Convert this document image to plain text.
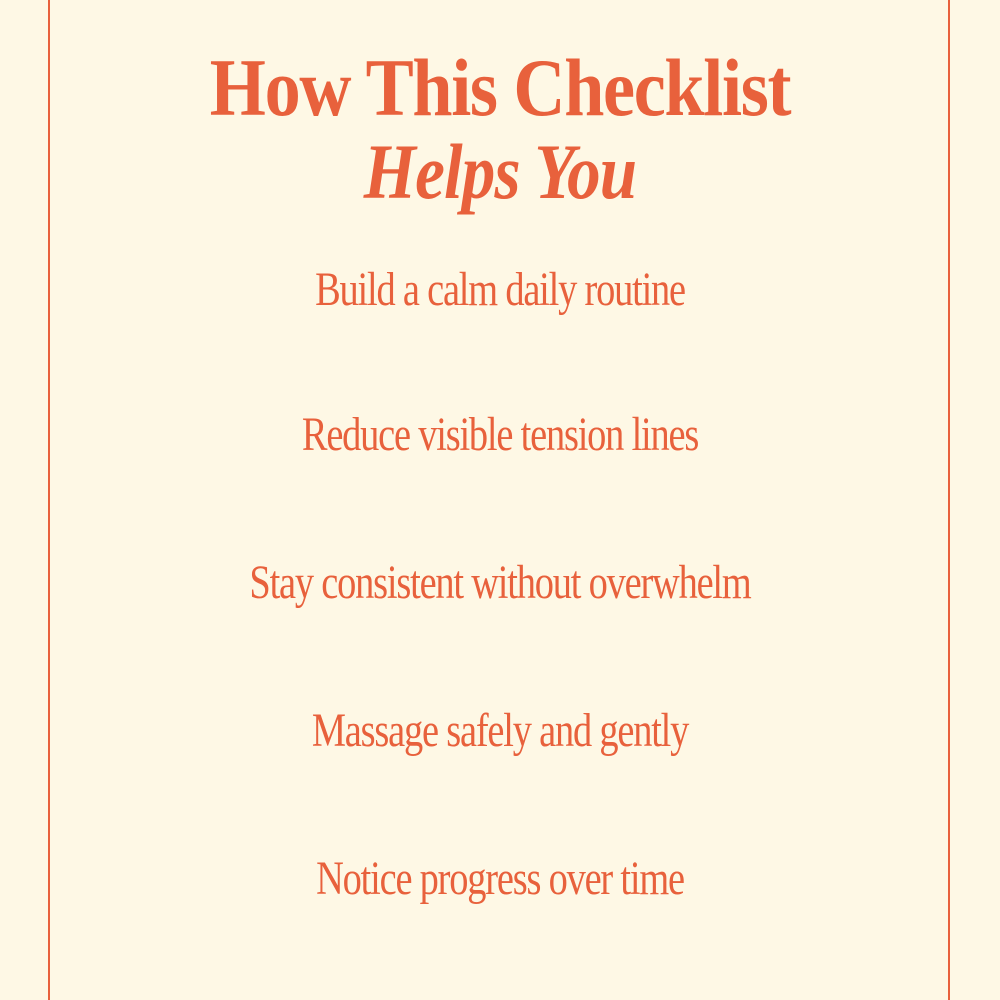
How This Checklist
Helps You
Build a calm daily routine
Reduce visible tension lines
Stay consistent without overwhelm
Massage safely and gently
Notice progress over time
